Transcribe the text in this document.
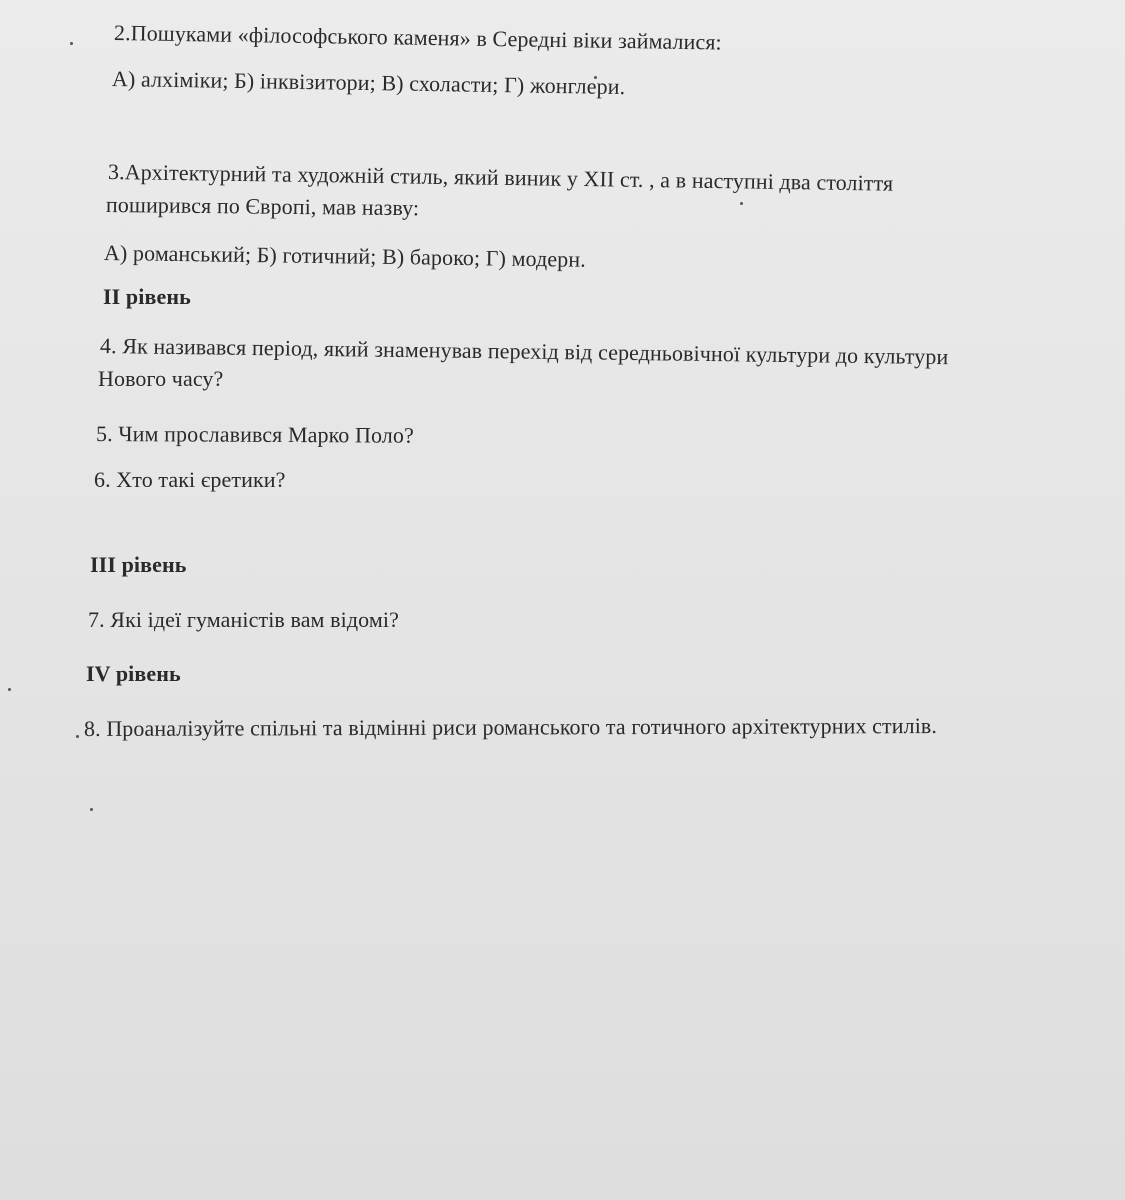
2.Пошуками «філософського каменя» в Середні віки займалися:
А) алхіміки; Б) інквізитори; В) схоласти; Г) жонглери.
3.Архітектурний та художній стиль, який виник у ХІІ ст. , а в наступні два століття
поширився по Європі, мав назву:
А) романський; Б) готичний; В) бароко; Г) модерн.
ІІ рівень
4. Як називався період, який знаменував перехід від середньовічної культури до культури
Нового часу?
5. Чим прославився Марко Поло?
6. Хто такі єретики?
ІІІ рівень
7. Які ідеї гуманістів вам відомі?
ІV рівень
8. Проаналізуйте спільні та відмінні риси романського та готичного архітектурних стилів.
